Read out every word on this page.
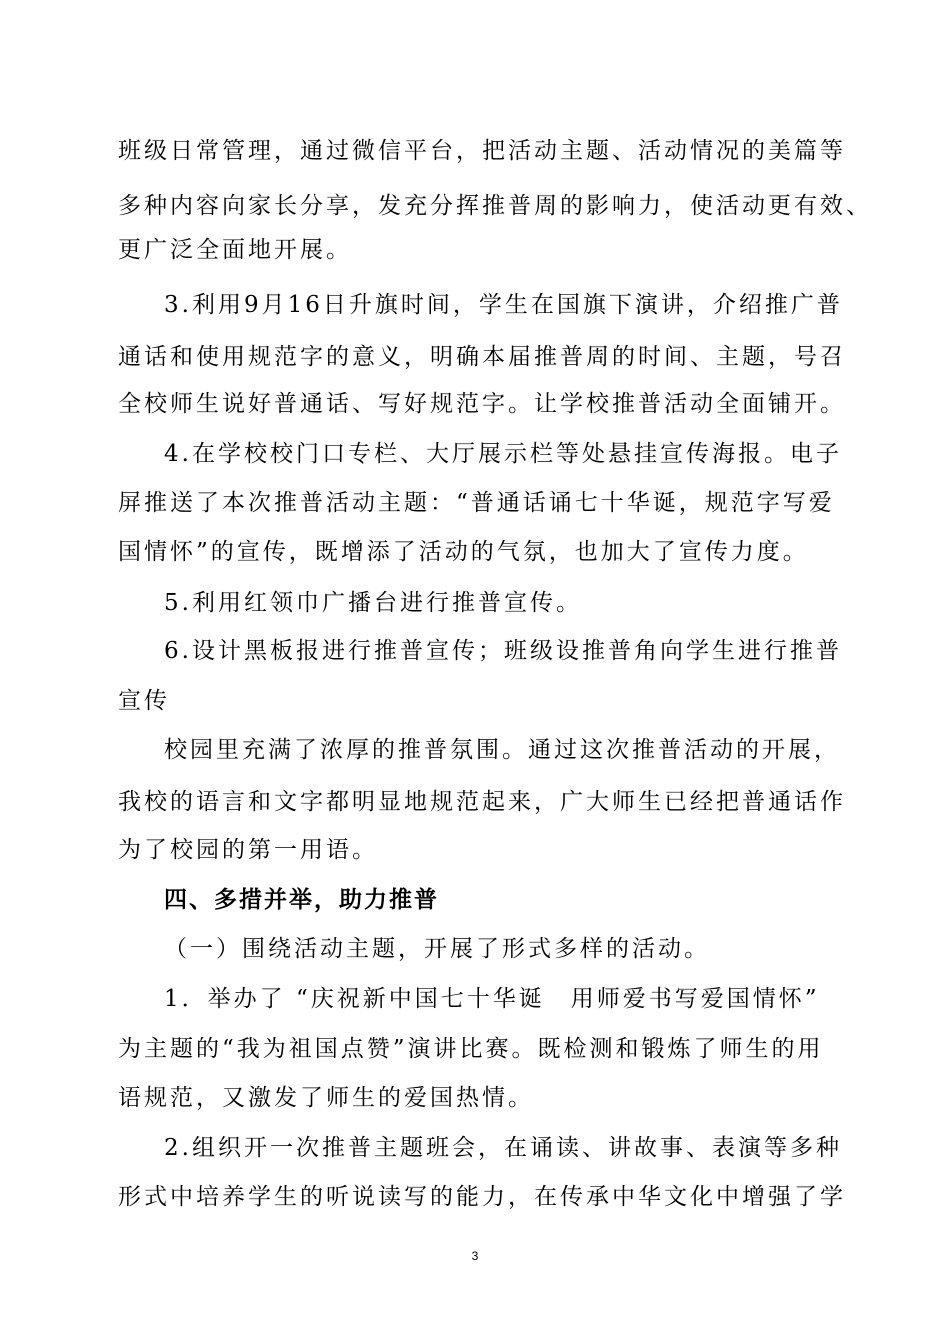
班级日常管理，通过微信平台，把活动主题、活动情况的美篇等
多种内容向家长分享，发充分挥推普周的影响力，使活动更有效、
更广泛全面地开展。
3.利用9月16日升旗时间，学生在国旗下演讲，介绍推广普
通话和使用规范字的意义，明确本届推普周的时间、主题，号召
全校师生说好普通话、写好规范字。让学校推普活动全面铺开。
4.在学校校门口专栏、大厅展示栏等处悬挂宣传海报。电子
屏推送了本次推普活动主题：“普通话诵七十华诞，规范字写爱
国情怀”的宣传，既增添了活动的气氛，也加大了宣传力度。
5.利用红领巾广播台进行推普宣传。
6.设计黑板报进行推普宣传；班级设推普角向学生进行推普
宣传
校园里充满了浓厚的推普氛围。通过这次推普活动的开展，
我校的语言和文字都明显地规范起来，广大师生已经把普通话作
为了校园的第一用语。
四、多措并举，助力推普
（一）围绕活动主题，开展了形式多样的活动。
1．举办了 “庆祝新中国七十华诞　用师爱书写爱国情怀”
为主题的“我为祖国点赞”演讲比赛。既检测和锻炼了师生的用
语规范，又激发了师生的爱国热情。
2.组织开一次推普主题班会，在诵读、讲故事、表演等多种
形式中培养学生的听说读写的能力，在传承中华文化中增强了学
3
